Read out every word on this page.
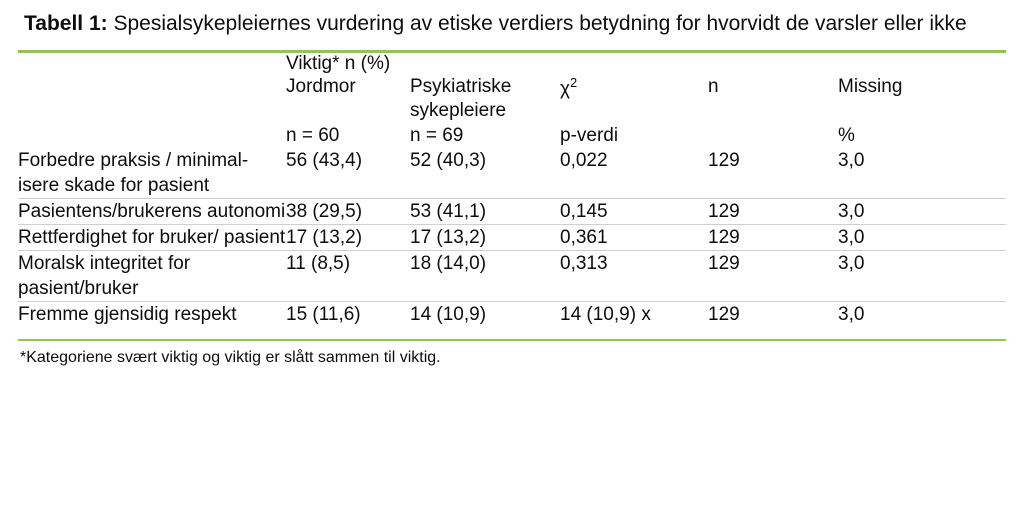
Tabell 1: Spesialsykepleiernes vurdering av etiske verdiers betydning for hvorvidt de varsler eller ikke

	Viktig* n (%)				
	Jordmor	Psykiatriske sykepleiere	$\chi^2$	n	Missing
	n = 60	n = 69	p-verdi		%
Forbedre praksis / minimal-isere skade for pasient	56 (43,4)	52 (40,3)	0,022	129	3,0
Pasientens/brukerens autonomi	38 (29,5)	53 (41,1)	0,145	129	3,0
Rettferdighet for bruker/ pasient	17 (13,2)	17 (13,2)	0,361	129	3,0
Moralsk integritet for pasient/bruker	11 (8,5)	18 (14,0)	0,313	129	3,0
Fremme gjensidig respekt	15 (11,6)	14 (10,9)	14 (10,9) x	129	3,0

*Kategoriene svært viktig og viktig er slått sammen til viktig.
